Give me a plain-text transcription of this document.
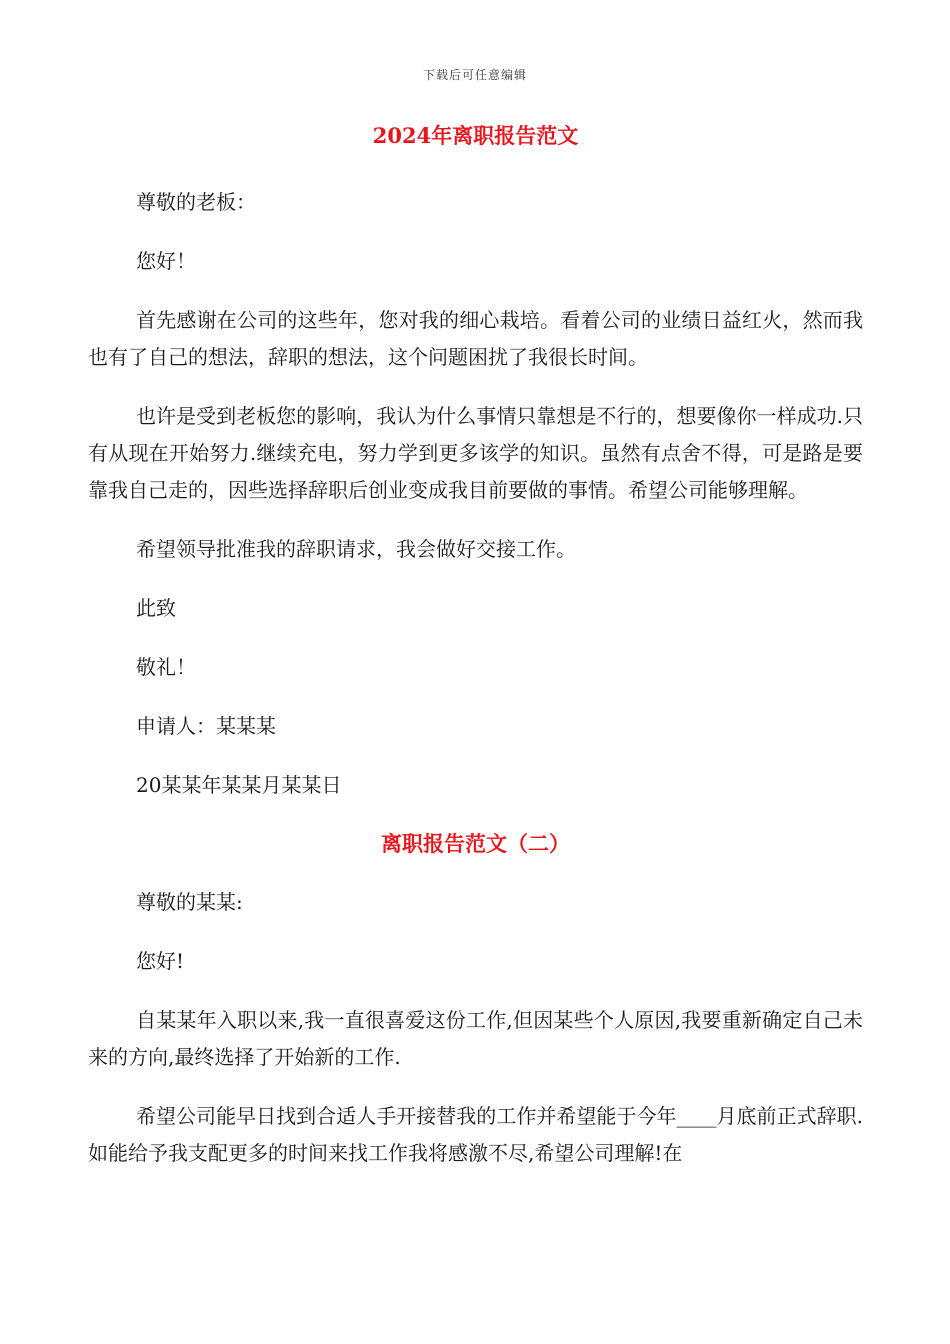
下载后可任意编辑
2024年离职报告范文

尊敬的老板：

您好！

首先感谢在公司的这些年，您对我的细心栽培。看着公司的业绩日益红火，然而我也有了自己的想法，辞职的想法，这个问题困扰了我很长时间。

也许是受到老板您的影响，我认为什么事情只靠想是不行的，想要像你一样成功.只有从现在开始努力.继续充电，努力学到更多该学的知识。虽然有点舍不得，可是路是要靠我自己走的，因些选择辞职后创业变成我目前要做的事情。希望公司能够理解。

希望领导批准我的辞职请求，我会做好交接工作。

此致

敬礼！

申请人：某某某

20某某年某某月某某日

离职报告范文（二）

尊敬的某某:

您好!

自某某年入职以来,我一直很喜爱这份工作,但因某些个人原因,我要重新确定自己未来的方向,最终选择了开始新的工作.

希望公司能早日找到合适人手开接替我的工作并希望能于今年____月底前正式辞职.如能给予我支配更多的时间来找工作我将感激不尽,希望公司理解!在
